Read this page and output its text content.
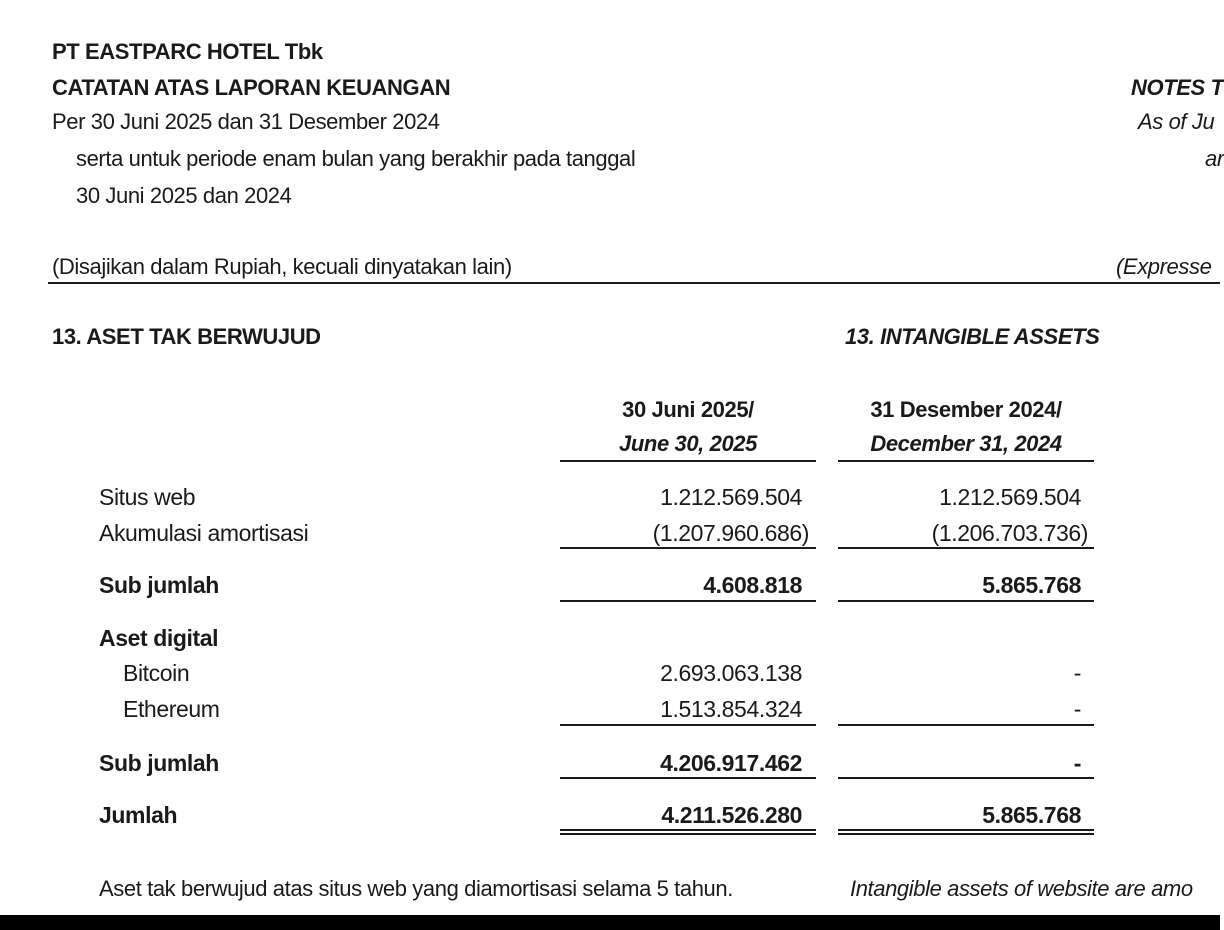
PT EASTPARC HOTEL Tbk
CATATAN ATAS LAPORAN KEUANGAN	NOTES T
Per 30 Juni 2025 dan 31 Desember 2024	As of Ju
serta untuk periode enam bulan yang berakhir pada tanggal	ar
30 Juni 2025 dan 2024
(Disajikan dalam Rupiah, kecuali dinyatakan lain)	(Expresse
13. ASET TAK BERWUJUD	13. INTANGIBLE ASSETS
30 Juni 2025/
June 30, 2025
31 Desember 2024/
December 31, 2024
Situs web	1.212.569.504	1.212.569.504
Akumulasi amortisasi	(1.207.960.686)	(1.206.703.736)
Sub jumlah	4.608.818	5.865.768
Aset digital
Bitcoin	2.693.063.138	-
Ethereum	1.513.854.324	-
Sub jumlah	4.206.917.462	-
Jumlah	4.211.526.280	5.865.768
Aset tak berwujud atas situs web yang diamortisasi selama 5 tahun.	Intangible assets of website are amo
